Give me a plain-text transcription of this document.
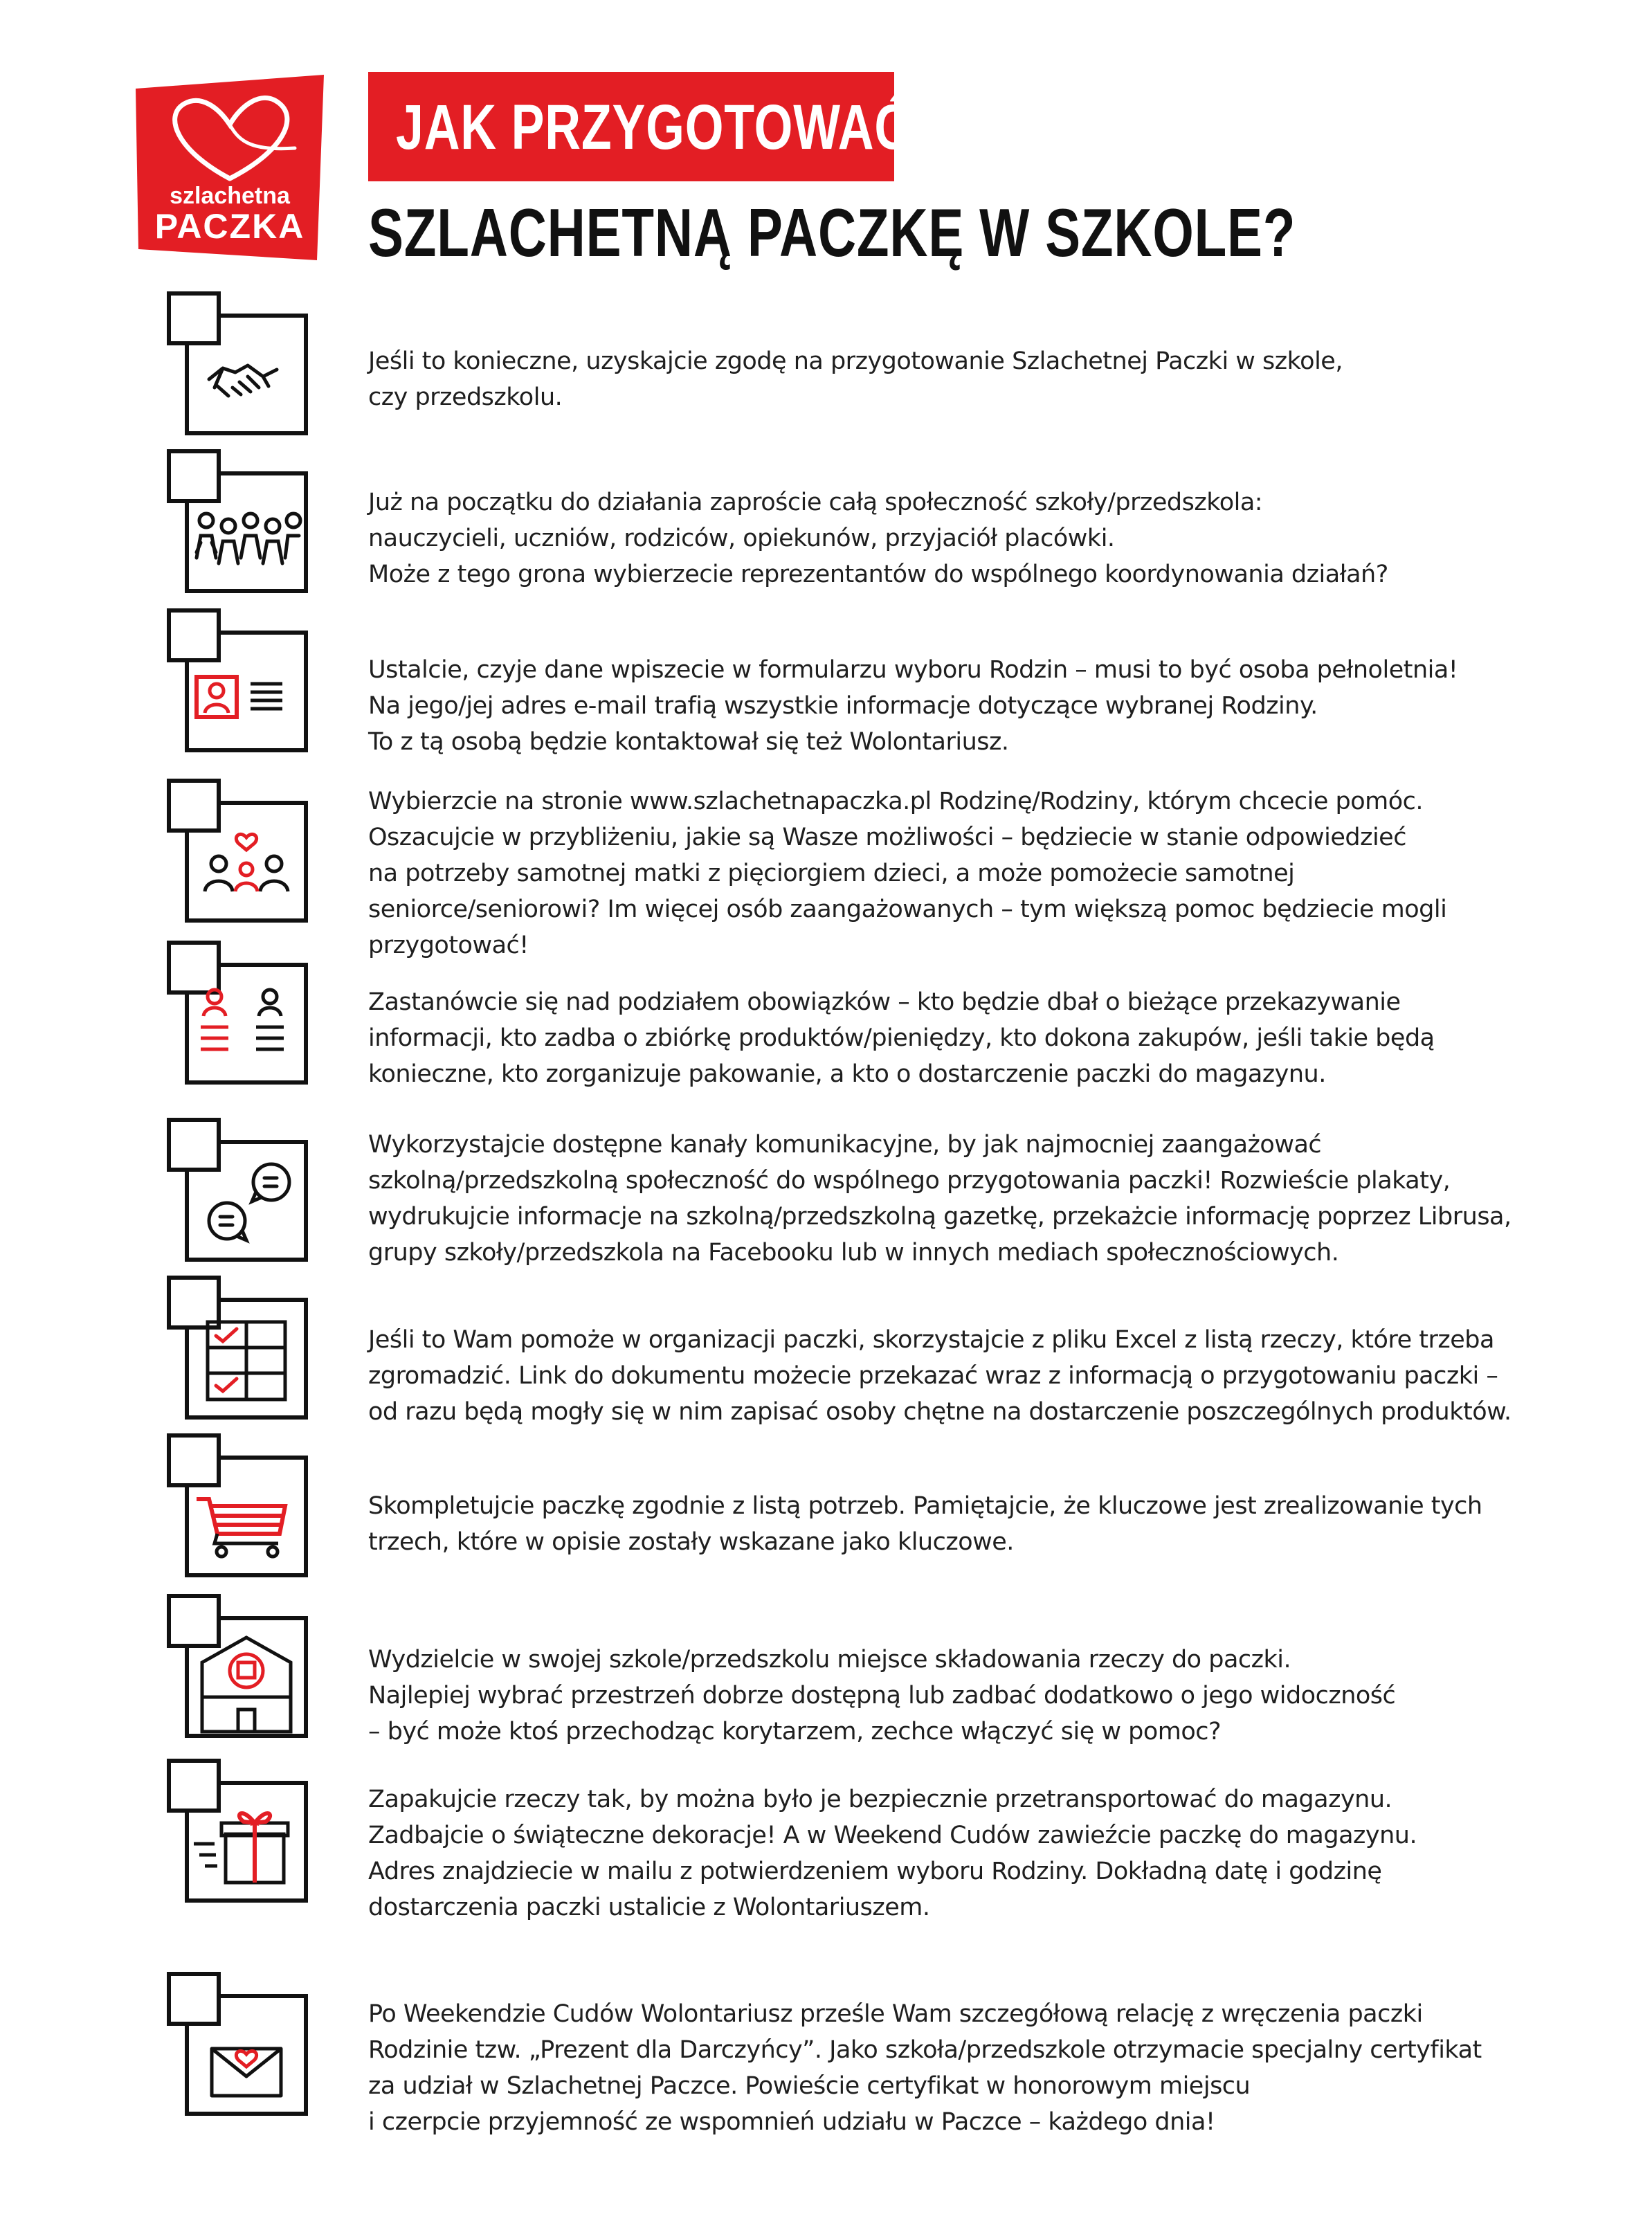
szlachetna
PACZKA
JAK PRZYGOTOWAĆ
SZLACHETNĄ PACZKĘ W SZKOLE?
Jeśli to konieczne, uzyskajcie zgodę na przygotowanie Szlachetnej Paczki w szkole,
czy przedszkolu.
Już na początku do działania zaproście całą społeczność szkoły/przedszkola:
nauczycieli, uczniów, rodziców, opiekunów, przyjaciół placówki.
Może z tego grona wybierzecie reprezentantów do wspólnego koordynowania działań?
Ustalcie, czyje dane wpiszecie w formularzu wyboru Rodzin – musi to być osoba pełnoletnia!
Na jego/jej adres e-mail trafią wszystkie informacje dotyczące wybranej Rodziny.
To z tą osobą będzie kontaktował się też Wolontariusz.
Wybierzcie na stronie www.szlachetnapaczka.pl Rodzinę/Rodziny, którym chcecie pomóc.
Oszacujcie w przybliżeniu, jakie są Wasze możliwości – będziecie w stanie odpowiedzieć
na potrzeby samotnej matki z pięciorgiem dzieci, a może pomożecie samotnej
seniorce/seniorowi? Im więcej osób zaangażowanych – tym większą pomoc będziecie mogli
przygotować!
Zastanówcie się nad podziałem obowiązków – kto będzie dbał o bieżące przekazywanie
informacji, kto zadba o zbiórkę produktów/pieniędzy, kto dokona zakupów, jeśli takie będą
konieczne, kto zorganizuje pakowanie, a kto o dostarczenie paczki do magazynu.
Wykorzystajcie dostępne kanały komunikacyjne, by jak najmocniej zaangażować
szkolną/przedszkolną społeczność do wspólnego przygotowania paczki! Rozwieście plakaty,
wydrukujcie informacje na szkolną/przedszkolną gazetkę, przekażcie informację poprzez Librusa,
grupy szkoły/przedszkola na Facebooku lub w innych mediach społecznościowych.
Jeśli to Wam pomoże w organizacji paczki, skorzystajcie z pliku Excel z listą rzeczy, które trzeba
zgromadzić. Link do dokumentu możecie przekazać wraz z informacją o przygotowaniu paczki –
od razu będą mogły się w nim zapisać osoby chętne na dostarczenie poszczególnych produktów.
Skompletujcie paczkę zgodnie z listą potrzeb. Pamiętajcie, że kluczowe jest zrealizowanie tych
trzech, które w opisie zostały wskazane jako kluczowe.
Wydzielcie w swojej szkole/przedszkolu miejsce składowania rzeczy do paczki.
Najlepiej wybrać przestrzeń dobrze dostępną lub zadbać dodatkowo o jego widoczność
– być może ktoś przechodząc korytarzem, zechce włączyć się w pomoc?
Zapakujcie rzeczy tak, by można było je bezpiecznie przetransportować do magazynu.
Zadbajcie o świąteczne dekoracje! A w Weekend Cudów zawieźcie paczkę do magazynu.
Adres znajdziecie w mailu z potwierdzeniem wyboru Rodziny. Dokładną datę i godzinę
dostarczenia paczki ustalicie z Wolontariuszem.
Po Weekendzie Cudów Wolontariusz prześle Wam szczegółową relację z wręczenia paczki
Rodzinie tzw. „Prezent dla Darczyńcy”. Jako szkoła/przedszkole otrzymacie specjalny certyfikat
za udział w Szlachetnej Paczce. Powieście certyfikat w honorowym miejscu
i czerpcie przyjemność ze wspomnień udziału w Paczce – każdego dnia!
